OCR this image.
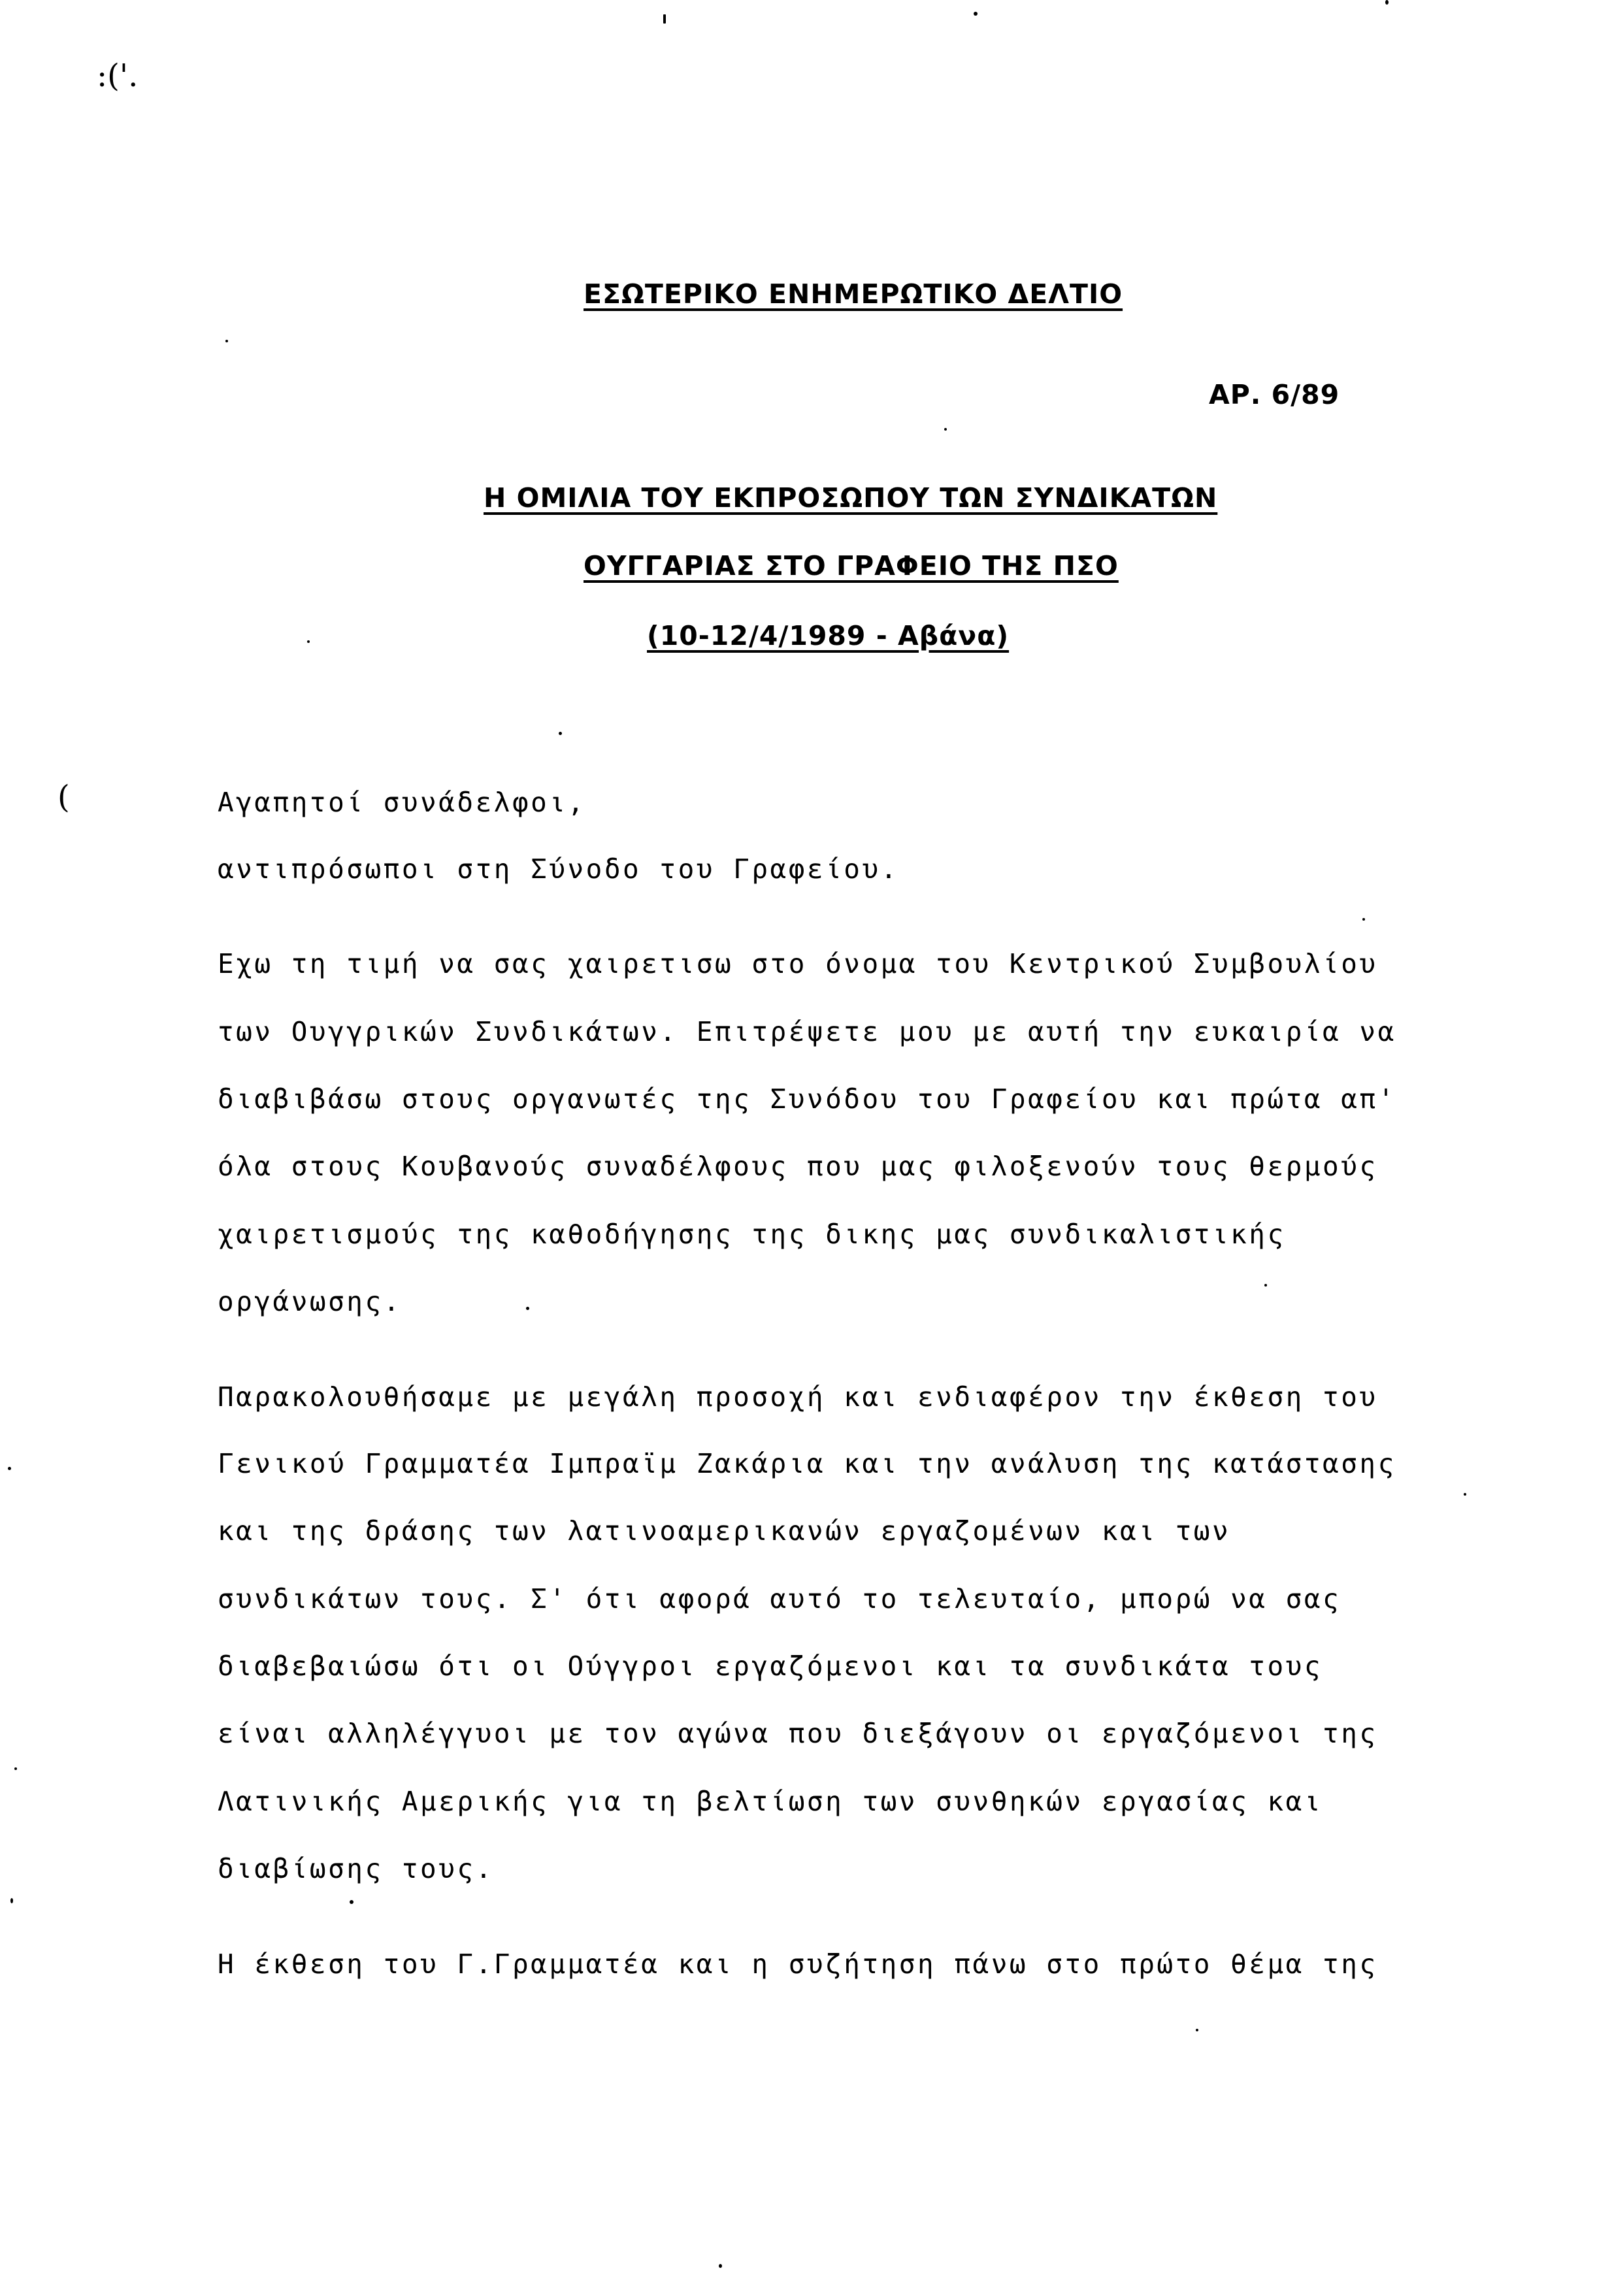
:('.
(
ΕΣΩΤΕΡΙΚΟ ΕΝΗΜΕΡΩΤΙΚΟ ΔΕΛΤΙΟ
ΑΡ. 6/89
Η ΟΜΙΛΙΑ ΤΟΥ ΕΚΠΡΟΣΩΠΟΥ ΤΩΝ ΣΥΝΔΙΚΑΤΩΝ
ΟΥΓΓΑΡΙΑΣ ΣΤΟ ΓΡΑΦΕΙΟ ΤΗΣ ΠΣΟ
(10-12/4/1989 - Αβάνα)
Αγαπητοί συνάδελφοι,
αντιπρόσωποι στη Σύνοδο του Γραφείου.
Εχω τη τιμή να σας χαιρετισω στο όνομα του Κεντρικού Συμβουλίου
των Ουγγρικών Συνδικάτων. Επιτρέψετε μου με αυτή την ευκαιρία να
διαβιβάσω στους οργανωτές της Συνόδου του Γραφείου και πρώτα απ'
όλα στους Κουβανούς συναδέλφους που μας φιλοξενούν τους θερμούς
χαιρετισμούς της καθοδήγησης της δικης μας συνδικαλιστικής
οργάνωσης.
Παρακολουθήσαμε με μεγάλη προσοχή και ενδιαφέρον την έκθεση του
Γενικού Γραμματέα Ιμπραϊμ Ζακάρια και την ανάλυση της κατάστασης
και της δράσης των λατινοαμερικανών εργαζομένων και των
συνδικάτων τους. Σ' ότι αφορά αυτό το τελευταίο, μπορώ να σας
διαβεβαιώσω ότι οι Ούγγροι εργαζόμενοι και τα συνδικάτα τους
είναι αλληλέγγυοι με τον αγώνα που διεξάγουν οι εργαζόμενοι της
Λατινικής Αμερικής για τη βελτίωση των συνθηκών εργασίας και
διαβίωσης τους.
Η έκθεση του Γ.Γραμματέα και η συζήτηση πάνω στο πρώτο θέμα της
